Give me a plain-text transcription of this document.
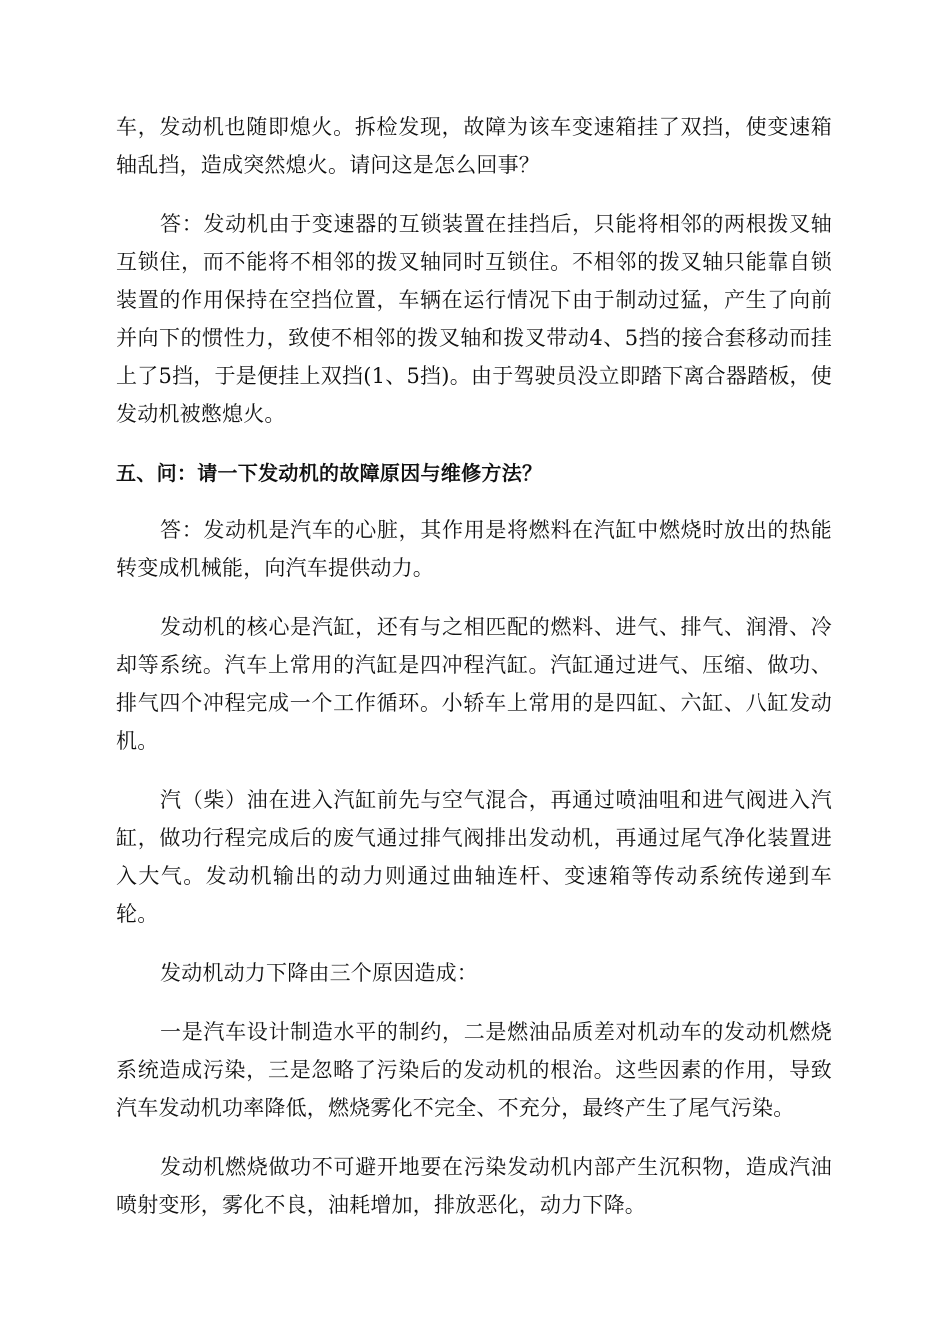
车，发动机也随即熄火。拆检发现，故障为该车变速箱挂了双挡，使变速箱轴乱挡，造成突然熄火。请问这是怎么回事？

答：发动机由于变速器的互锁装置在挂挡后，只能将相邻的两根拨叉轴互锁住，而不能将不相邻的拨叉轴同时互锁住。不相邻的拨叉轴只能靠自锁装置的作用保持在空挡位置，车辆在运行情况下由于制动过猛，产生了向前并向下的惯性力，致使不相邻的拨叉轴和拨叉带动4、5挡的接合套移动而挂上了5挡，于是便挂上双挡(1、5挡)。由于驾驶员没立即踏下离合器踏板，使发动机被憋熄火。

五、问：请一下发动机的故障原因与维修方法？

答：发动机是汽车的心脏，其作用是将燃料在汽缸中燃烧时放出的热能转变成机械能，向汽车提供动力。

发动机的核心是汽缸，还有与之相匹配的燃料、进气、排气、润滑、冷却等系统。汽车上常用的汽缸是四冲程汽缸。汽缸通过进气、压缩、做功、排气四个冲程完成一个工作循环。小轿车上常用的是四缸、六缸、八缸发动机。

汽（柴）油在进入汽缸前先与空气混合，再通过喷油咀和进气阀进入汽缸，做功行程完成后的废气通过排气阀排出发动机，再通过尾气净化装置进入大气。发动机输出的动力则通过曲轴连杆、变速箱等传动系统传递到车轮。

发动机动力下降由三个原因造成：

一是汽车设计制造水平的制约，二是燃油品质差对机动车的发动机燃烧系统造成污染，三是忽略了污染后的发动机的根治。这些因素的作用，导致汽车发动机功率降低，燃烧雾化不完全、不充分，最终产生了尾气污染。

发动机燃烧做功不可避开地要在污染发动机内部产生沉积物，造成汽油喷射变形，雾化不良，油耗增加，排放恶化，动力下降。
